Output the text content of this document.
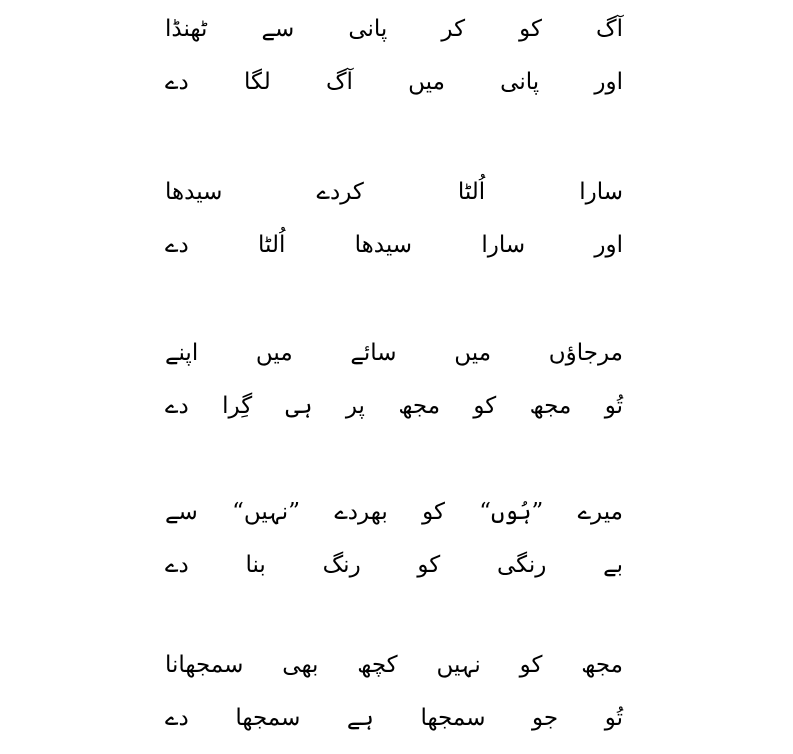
آگ
کو
کر
پانی
سے
ٹھنڈا
اور
پانی
میں
آگ
لگا
دے
سارا
اُلٹا
کردے
سیدھا
اور
سارا
سیدھا
اُلٹا
دے
مرجاؤں
میں
سائے
میں
اپنے
تُو
مجھ
کو
مجھ
پر
ہی
گِرا
دے
میرے
”ہُوں“
کو
بھردے
”نہیں“
سے
بے
رنگی
کو
رنگ
بنا
دے
مجھ
کو
نہیں
کچھ
بھی
سمجھانا
تُو
جو
سمجھا
ہے
سمجھا
دے
